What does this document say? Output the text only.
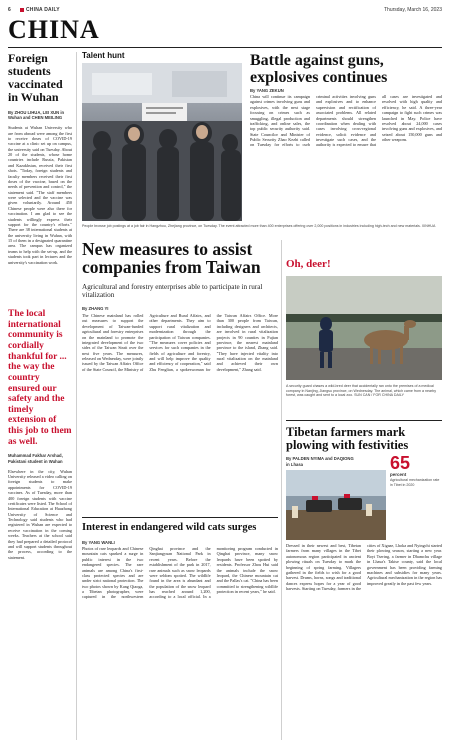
6	CHINA DAILY	Thursday, March 16, 2023
CHINA
Foreign students vaccinated in Wuhan
By ZHOU LIHUA, LEI XUN in Wuhan and CHEN MEILING
Students at Wuhan University who are from abroad were among the first to receive doses of COVID-19 vaccine at a clinic set up on campus, the university said on Tuesday. About 20 of the students, whose home countries include Russia, Pakistan and Kazakhstan, received their first shots. "Today, foreign students and faculty members received their first doses of the vaccine, based on the needs of prevention and control," the statement said. "The staff members were selected and the vaccine was given voluntarily. Around 450 Chinese people were also there for vaccination. I am glad to see the students willingly express their support for the country's efforts." There are 38 international students at the university living in Wuhan, with 15 of them in a designated quarantine area. The campus has organized teams to help with the set-up, and the students took part in lectures and the university's vaccination work.
The local international community is cordially thankful for ... the way the country ensured our safety and the timely extension of this job to them as well.
Muhammad Fakhar Arshad, Pakistani student in Wuhan
Elsewhere in the city, Wuhan University released a video calling on foreign students to make appointments for COVID-19 vaccines. As of Tuesday, more than 400 foreign students with vaccine certificates were listed. The School of International Education at Huazhong University of Science and Technology said students who had registered in Wuhan are expected to receive vaccination in the coming weeks. Teachers at the school said they had prepared a detailed protocol and will support students throughout the process, according to the statement.
Talent hunt
People browse job postings at a job fair in Hangzhou, Zhejiang province, on Tuesday. The event attracted more than 400 enterprises offering over 2,000 positions in industries including high-tech and new materials. XINHUA
New measures to assist companies from Taiwan
Agricultural and forestry enterprises able to participate in rural vitalization
By ZHANG YI
The Chinese mainland has rolled out measures to support the development of Taiwan-funded agricultural and forestry enterprises on the mainland to promote the integrated development of the two sides of the Taiwan Strait over the next five years. The measures, released on Wednesday, were jointly issued by the Taiwan Affairs Office of the State Council, the Ministry of Agriculture and Rural Affairs, and other departments. They aim to support rural vitalization and modernization through the participation of Taiwan companies. "The measures cover policies and services for such companies in the fields of agriculture and forestry, and will help improve the quality and efficiency of cooperation," said Zhu Fenglian, a spokeswoman for the Taiwan Affairs Office. More than 300 people from Taiwan, including designers and architects, are involved in rural vitalization projects in 90 counties in Fujian province, the nearest mainland province to the island, Zhang said. "They have injected vitality into rural vitalization on the mainland and achieved their own development," Zhang said.
Interest in endangered wild cats surges
By YANG WANLI
Photos of rare leopards and Chinese mountain cats sparked a surge in public interest in the two endangered species. The rare animals are among China's first-class protected species and are under strict national protection. The two photos shown by Kang Qiaoga, a Tibetan photographer, were captured in the northwestern Qinghai province and the Sanjiangyuan National Park in recent years. Before the establishment of the park in 2017, rare animals such as snow leopards were seldom spotted. The wildlife found in the area is abundant and the population of the snow leopard has reached around 1,200, according to a local official. In a monitoring program conducted in Qinghai province, many snow leopards have been spotted by residents. Professor Zhou Hui said the animals include the snow leopard, the Chinese mountain cat and the Pallas's cat. "China has been committed to strengthening wildlife protection in recent years," he said.
Battle against guns, explosives continues
By YANG ZEKUN
China will continue its campaign against crimes involving guns and explosives, with the next stage focusing on crimes such as smuggling, illegal production and trafficking, and online sales, the top public security authority said. State Councilor and Minister of Public Security Zhao Kezhi called on Tuesday for efforts to curb criminal activities involving guns and explosives and to enhance supervision and rectification of associated problems. All related departments should strengthen coordination when dealing with cases involving cross-regional evidence, solicit evidence and investigate such cases, and the authority is expected to ensure that all cases are investigated and resolved with high quality and efficiency, he said. A three-year campaign to fight such crimes was launched in May. Police have resolved about 24,000 cases involving guns and explosives, and seized about 150,000 guns and other weapons.
Oh, deer!
A security guard chases a wild-bred deer that accidentally ran onto the premises of a medical company in Nanjing, Jiangsu province, on Wednesday. The animal, which came from a nearby forest, was caught and sent to a local zoo. SUN CAN / FOR CHINA DAILY
Tibetan farmers mark plowing with festivities
By PALDEN NYIMA and DAQIONG in Lhasa	65
percent
Agricultural mechanization rate in Tibet in 2020
Dressed in their newest and best, Tibetan farmers from many villages in the Tibet autonomous region participated in ancient plowing rituals on Tuesday to mark the beginning of spring farming. Villagers gathered in the fields to wish for a good harvest. Drums, horns, songs and traditional dances express hopes for a year of good harvests. Starting on Tuesday, farmers in the cities of Xigaze, Lhoka and Nyingchi started their plowing season, starting a new year. Boyi Tsering, a farmer in Dhamchu village in Lhasa's Taktse county, said the local government has been providing farming machines and subsidies for many years. Agricultural mechanization in the region has improved greatly in the past few years.
